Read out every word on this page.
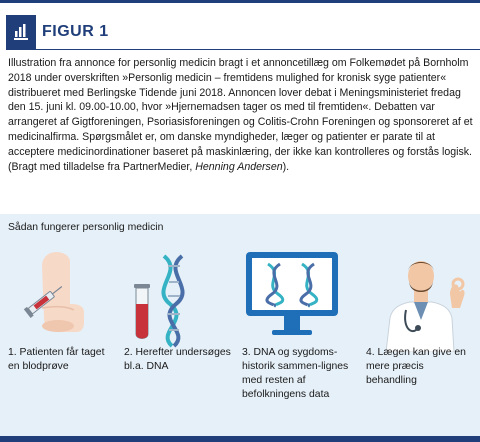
FIGUR 1

Illustration fra annonce for personlig medicin bragt i et annoncetillæg om Folkemødet på Bornholm 2018 under overskriften »Personlig medicin – fremtidens mulighed for kronisk syge patienter« distribueret med Berlingske Tidende juni 2018. Annoncen lover debat i Meningsministeriet fredag den 15. juni kl. 09.00-10.00, hvor »Hjernemadsen tager os med til fremtiden«. Debatten var arrangeret af Gigtforeningen, Psoriasisforeningen og Colitis-Crohn Foreningen og sponsoreret af et medicinalfirma. Spørgsmålet er, om danske myndigheder, læger og patienter er parate til at acceptere medicinordinationer baseret på maskinlæring, der ikke kan kontrolleres og forstås logisk.

(Bragt med tilladelse fra PartnerMedier, Henning Andersen).

Sådan fungerer personlig medicin
1. Patienten får taget en blodprøve
2. Herefter undersøges bl.a. DNA
3. DNA og sygdoms-historik sammen-lignes med resten af befolkningens data
4. Lægen kan give en mere præcis behandling
